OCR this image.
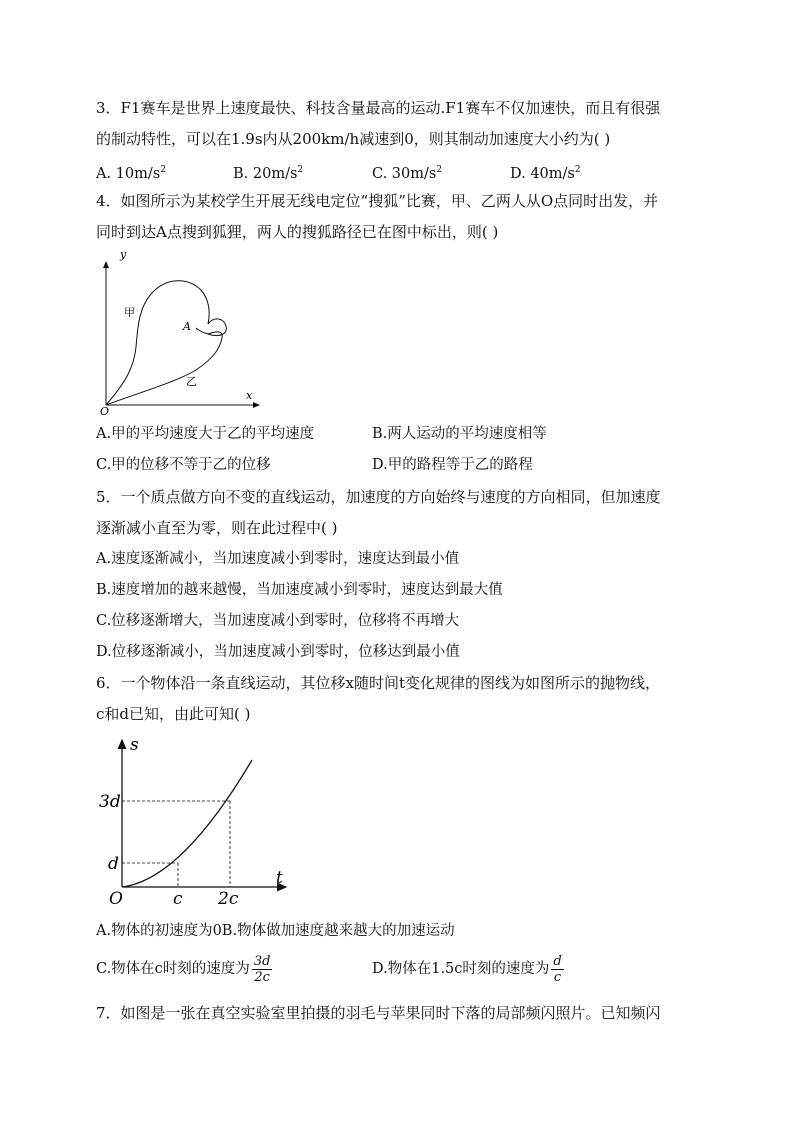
3．F1赛车是世界上速度最快、科技含量最高的运动.F1赛车不仅加速快，而且有很强
的制动特性，可以在1.9s内从200km/h减速到0，则其制动加速度大小约为( )
A. $10m/s^2$	B. $20m/s^2$	C. $30m/s^2$	D. $40m/s^2$
4．如图所示为某校学生开展无线电定位“搜狐”比赛，甲、乙两人从O点同时出发，并
同时到达A点搜到狐狸，两人的搜狐路径已在图中标出，则( )
y
x
O
A
甲
乙
A.甲的平均速度大于乙的平均速度	B.两人运动的平均速度相等
C.甲的位移不等于乙的位移	D.甲的路程等于乙的路程
5．一个质点做方向不变的直线运动，加速度的方向始终与速度的方向相同，但加速度
逐渐减小直至为零，则在此过程中( )
A.速度逐渐减小，当加速度减小到零时，速度达到最小值
B.速度增加的越来越慢，当加速度减小到零时，速度达到最大值
C.位移逐渐增大，当加速度减小到零时，位移将不再增大
D.位移逐渐减小，当加速度减小到零时，位移达到最小值
6．一个物体沿一条直线运动，其位移x随时间t变化规律的图线为如图所示的抛物线，
c和d已知，由此可知( )
s
t
O
d
3d
c 2c
A.物体的初速度为0B.物体做加速度越来越大的加速运动
C.物体在c时刻的速度为 $\frac{3d}{2c}$	D.物体在1.5c时刻的速度为 $\frac{d}{c}$
7．如图是一张在真空实验室里拍摄的羽毛与苹果同时下落的局部频闪照片。已知频闪
